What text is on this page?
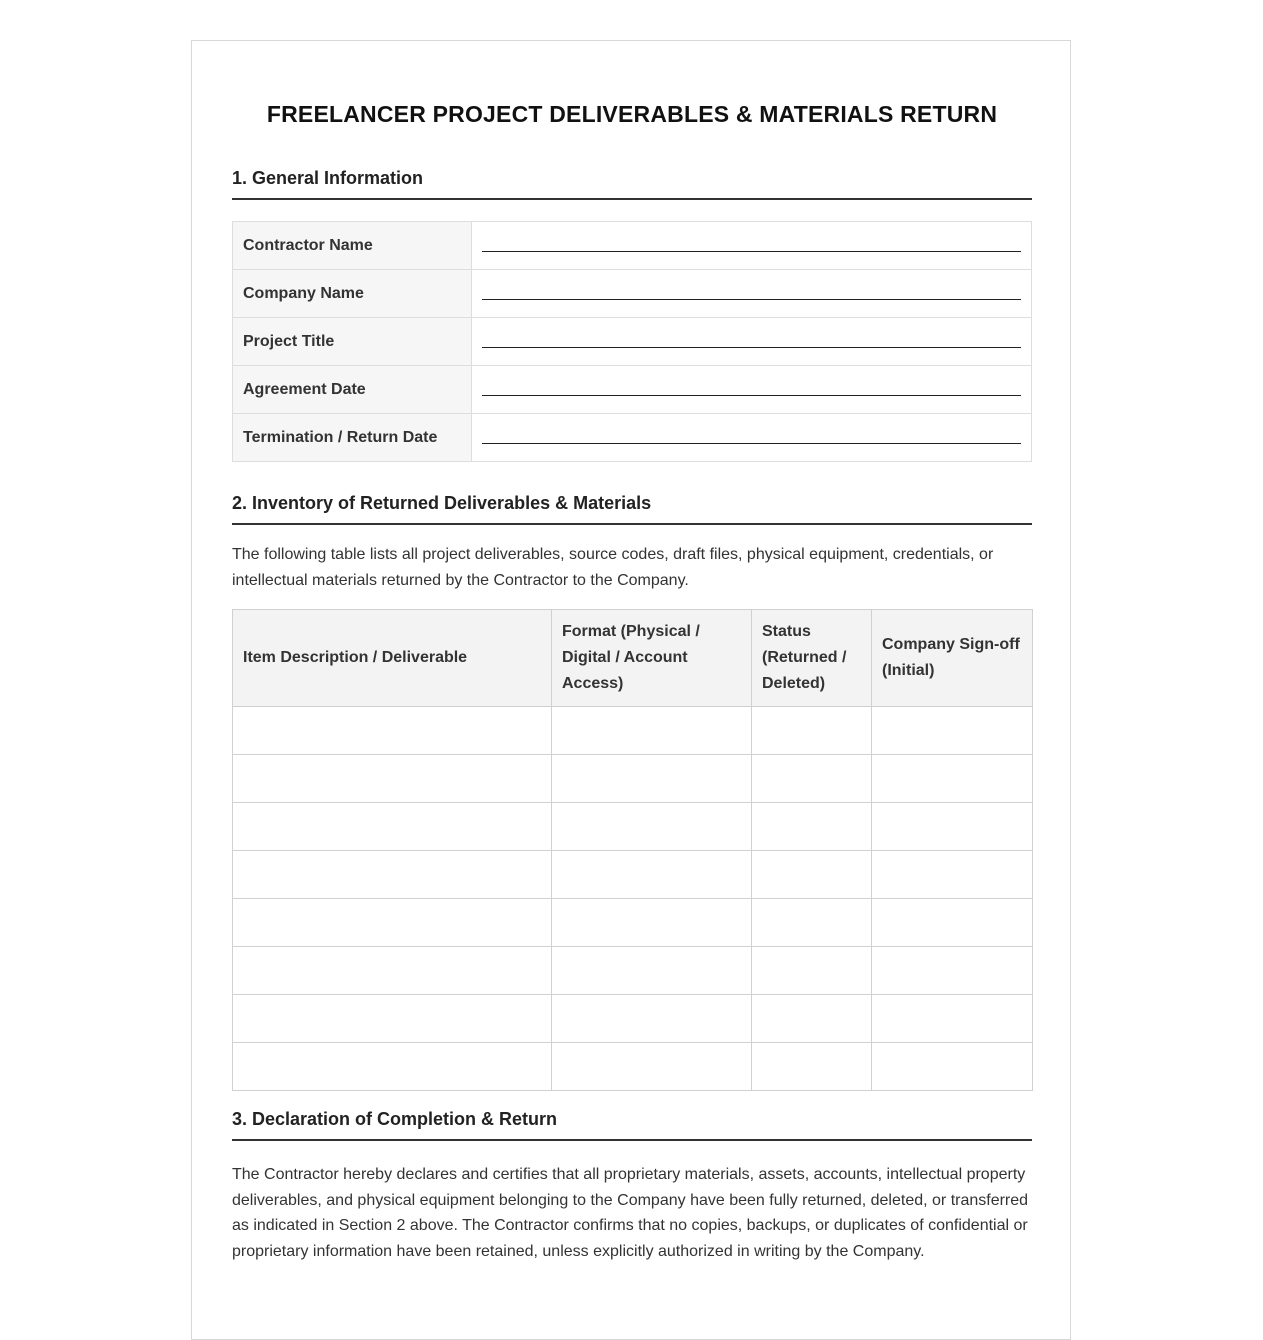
FREELANCER PROJECT DELIVERABLES & MATERIALS RETURN
1. General Information
Contractor Name	

Company Name	

Project Title	

Agreement Date	

Termination / Return Date	
2. Inventory of Returned Deliverables & Materials

The following table lists all project deliverables, source codes, draft files, physical equipment, credentials, or intellectual materials returned by the Contractor to the Company.

Item Description / Deliverable	Format (Physical / Digital / Account Access)	Status (Returned / Deleted)	Company Sign-off (Initial)

3. Declaration of Completion & Return

The Contractor hereby declares and certifies that all proprietary materials, assets, accounts, intellectual property deliverables, and physical equipment belonging to the Company have been fully returned, deleted, or transferred as indicated in Section 2 above. The Contractor confirms that no copies, backups, or duplicates of confidential or proprietary information have been retained, unless explicitly authorized in writing by the Company.
